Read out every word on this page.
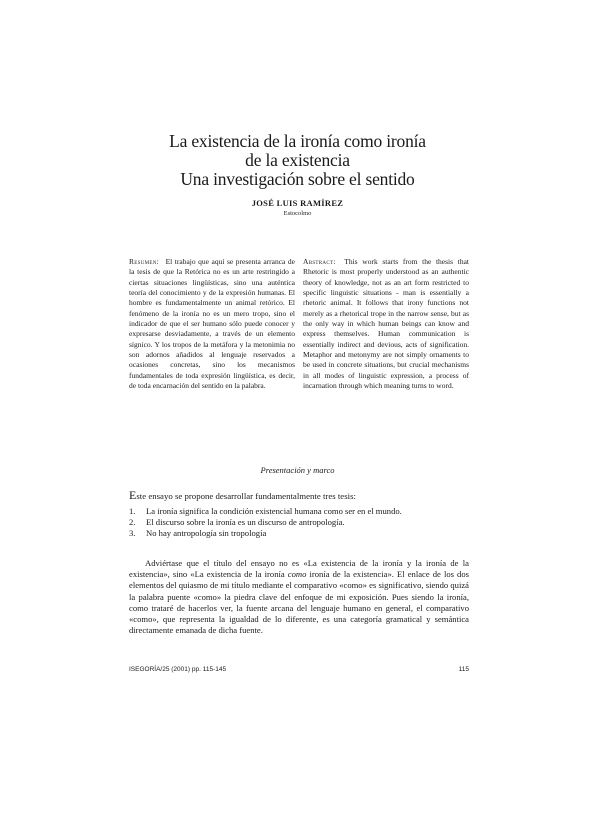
La existencia de la ironía como ironía
de la existencia
Una investigación sobre el sentido
JOSÉ LUIS RAMÍREZ
Estocolmo
Resumen: El trabajo que aquí se presenta arranca de la tesis de que la Retórica no es un arte restringido a ciertas situaciones lingüísticas, sino una auténtica teoría del conocimiento y de la expresión humanas. El hombre es fundamentalmente un animal retórico. El fenómeno de la ironía no es un mero tropo, sino el indicador de que el ser humano sólo puede conocer y expresarse desviadamente, a través de un elemento sígnico. Y los tropos de la metáfora y la metonimia no son adornos añadidos al lenguaje reservados a ocasiones concretas, sino los mecanismos fundamentales de toda expresión lingüística, es decir, de toda encarnación del sentido en la palabra.
Abstract: This work starts from the thesis that Rhetoric is most properly understood as an authentic theory of knowledge, not as an art form restricted to specific linguistic situations - man is essentially a rhetoric animal. It follows that irony functions not merely as a rhetorical trope in the narrow sense, but as the only way in which human beings can know and express themselves. Human communication is essentially indirect and devious, acts of signification. Metaphor and metonymy are not simply ornaments to be used in concrete situations, but crucial mechanisms in all modes of linguistic expression, a process of incarnation through which meaning turns to word.
Presentación y marco
Este ensayo se propone desarrollar fundamentalmente tres tesis:
1.	La ironía significa la condición existencial humana como ser en el mundo.
2.	El discurso sobre la ironía es un discurso de antropología.
3.	No hay antropología sin tropología
Adviértase que el título del ensayo no es «La existencia de la ironía y la ironía de la existencia», sino «La existencia de la ironía como ironía de la existencia». El enlace de los dos elementos del quiasmo de mi título mediante el comparativo «como» es significativo, siendo quizá la palabra puente «como» la piedra clave del enfoque de mi exposición. Pues siendo la ironía, como trataré de hacerlos ver, la fuente arcana del lenguaje humano en general, el comparativo «como», que representa la igualdad de lo diferente, es una categoría gramatical y semántica directamente emanada de dicha fuente.
ISEGORÍA/25 (2001) pp. 115-145	115
